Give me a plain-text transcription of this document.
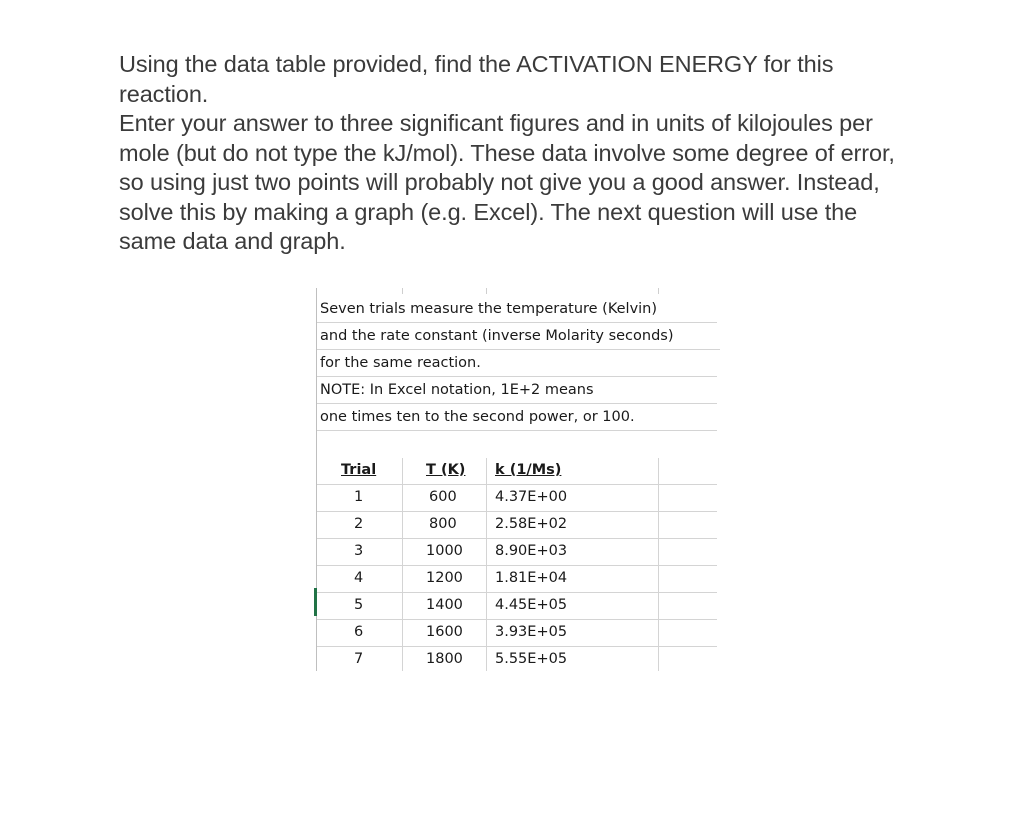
Using the data table provided, find the ACTIVATION ENERGY for this reaction.

Enter your answer to three significant figures and in units of kilojoules per mole (but do not type the kJ/mol). These data involve some degree of error, so using just two points will probably not give you a good answer. Instead, solve this by making a graph (e.g. Excel). The next question will use the same data and graph.

Seven trials measure the temperature (Kelvin)
and the rate constant (inverse Molarity seconds)
for the same reaction.
NOTE: In Excel notation, 1E+2 means
one times ten to the second power, or 100.
Trial	T (K) k (1/Ms)
1	600	4.37E+00
2	800	2.58E+02
3	1000 8.90E+03
4	1200 1.81E+04
5	1400 4.45E+05
6	1600 3.93E+05
7	1800 5.55E+05
